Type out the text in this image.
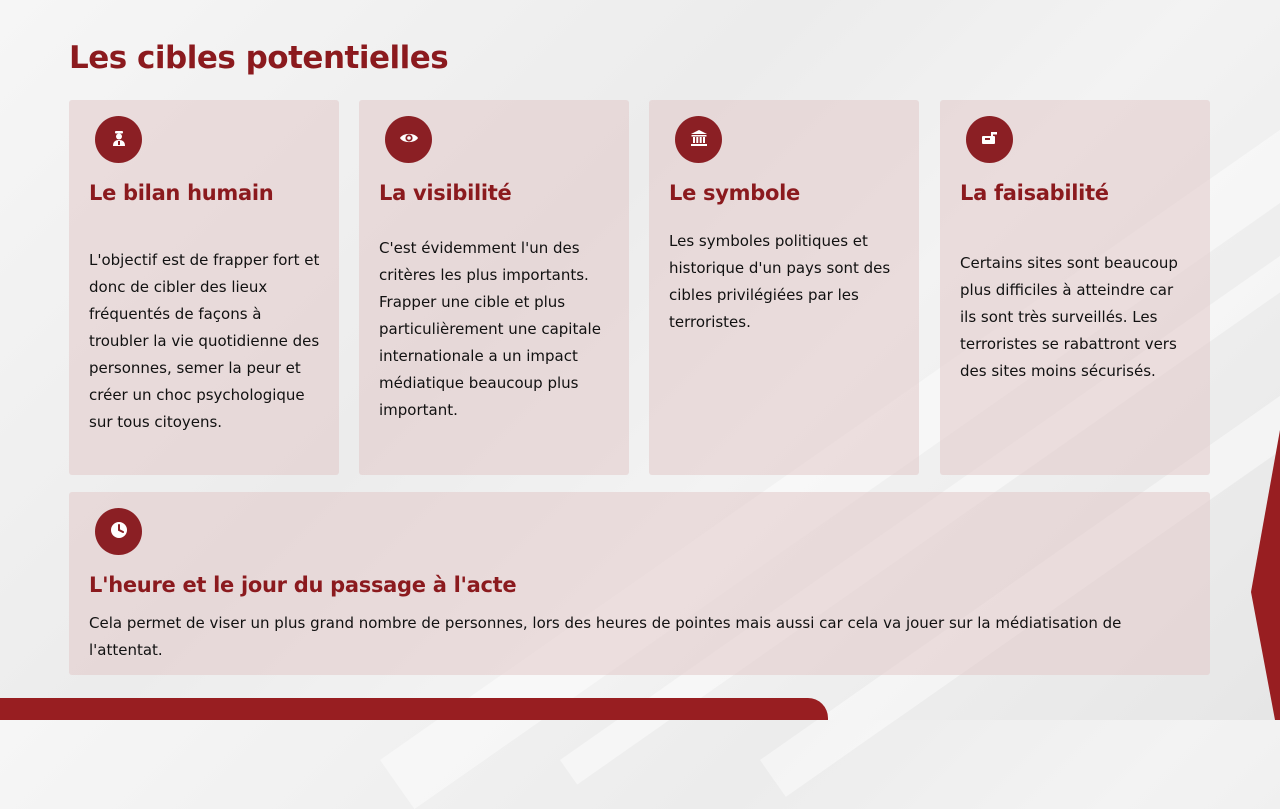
Les cibles potentielles
Le bilan humain

L'objectif est de frapper fort et donc de cibler des lieux fréquentés de façons à troubler la vie quotidienne des personnes, semer la peur et créer un choc psychologique sur tous citoyens.

La visibilité

C'est évidemment l'un des critères les plus importants. Frapper une cible et plus particulièrement une capitale internationale a un impact médiatique beaucoup plus important.

Le symbole

Les symboles politiques et historique d'un pays sont des cibles privilégiées par les terroristes.

La faisabilité

Certains sites sont beaucoup plus difficiles à atteindre car ils sont très surveillés. Les terroristes se rabattront vers des sites moins sécurisés.

L'heure et le jour du passage à l'acte

Cela permet de viser un plus grand nombre de personnes, lors des heures de pointes mais aussi car cela va jouer sur la médiatisation de l'attentat.
